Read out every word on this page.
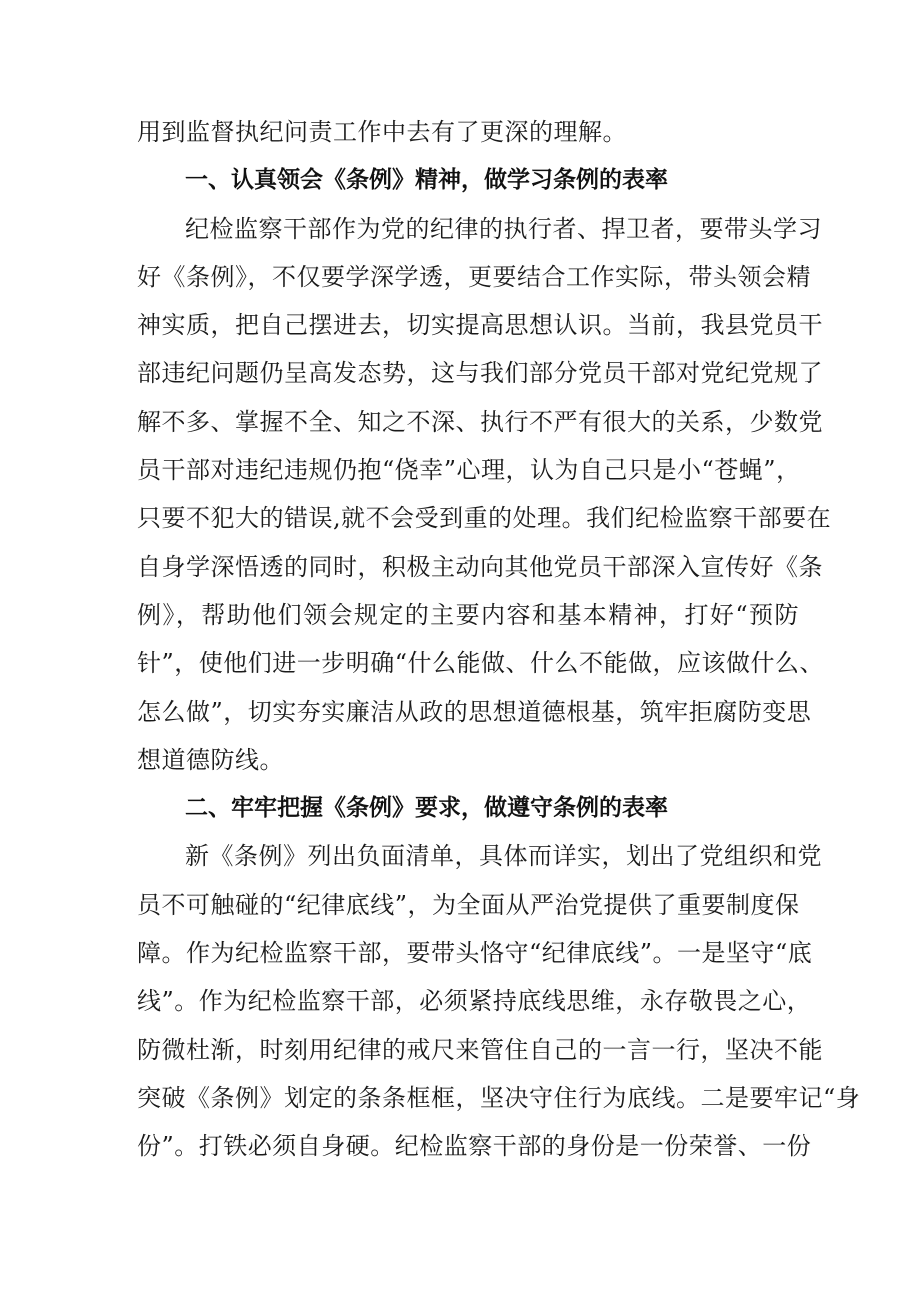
用到监督执纪问责工作中去有了更深的理解。
一、认真领会《条例》精神，做学习条例的表率
纪检监察干部作为党的纪律的执行者、捍卫者，要带头学习
好《条例》，不仅要学深学透，更要结合工作实际，带头领会精
神实质，把自己摆进去，切实提高思想认识。当前，我县党员干
部违纪问题仍呈高发态势，这与我们部分党员干部对党纪党规了
解不多、掌握不全、知之不深、执行不严有很大的关系，少数党
员干部对违纪违规仍抱“侥幸”心理，认为自己只是小“苍蝇”，
只要不犯大的错误,就不会受到重的处理。我们纪检监察干部要在
自身学深悟透的同时，积极主动向其他党员干部深入宣传好《条
例》，帮助他们领会规定的主要内容和基本精神，打好“预防
针”，使他们进一步明确“什么能做、什么不能做，应该做什么、
怎么做”，切实夯实廉洁从政的思想道德根基，筑牢拒腐防变思
想道德防线。
二、牢牢把握《条例》要求，做遵守条例的表率
新《条例》列出负面清单，具体而详实，划出了党组织和党
员不可触碰的“纪律底线”，为全面从严治党提供了重要制度保
障。作为纪检监察干部，要带头恪守“纪律底线”。一是坚守“底
线”。作为纪检监察干部，必须紧持底线思维，永存敬畏之心，
防微杜渐，时刻用纪律的戒尺来管住自己的一言一行，坚决不能
突破《条例》划定的条条框框，坚决守住行为底线。二是要牢记“身
份”。打铁必须自身硬。纪检监察干部的身份是一份荣誉、一份
